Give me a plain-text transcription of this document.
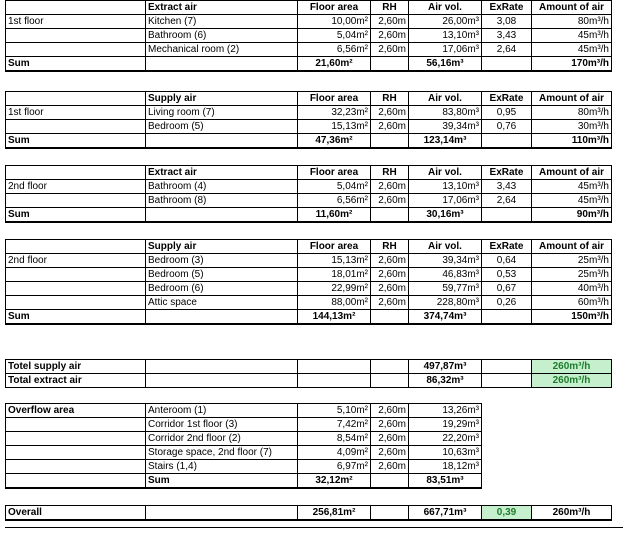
	Extract air	Floor area	RH	Air vol.	ExRate	Amount of air
1st floor	Kitchen (7)	10,00m²	2,60m	26,00m³	3,08	80m³/h
	Bathroom (6)	5,04m²	2,60m	13,10m³	3,43	45m³/h
	Mechanical room (2)	6,56m²	2,60m	17,06m³	2,64	45m³/h
Sum		21,60m²		56,16m³		170m³/h
	Supply air	Floor area	RH	Air vol.	ExRate	Amount of air
1st floor	Living room (7)	32,23m²	2,60m	83,80m³	0,95	80m³/h
	Bedroom (5)	15,13m²	2,60m	39,34m³	0,76	30m³/h
Sum		47,36m²		123,14m³		110m³/h
	Extract air	Floor area	RH	Air vol.	ExRate	Amount of air
2nd floor	Bathroom (4)	5,04m²	2,60m	13,10m³	3,43	45m³/h
	Bathroom (8)	6,56m²	2,60m	17,06m³	2,64	45m³/h
Sum		11,60m²		30,16m³		90m³/h
	Supply air	Floor area	RH	Air vol.	ExRate	Amount of air
2nd floor	Bedroom (3)	15,13m²	2,60m	39,34m³	0,64	25m³/h
	Bedroom (5)	18,01m²	2,60m	46,83m³	0,53	25m³/h
	Bedroom (6)	22,99m²	2,60m	59,77m³	0,67	40m³/h
	Attic space	88,00m²	2,60m	228,80m³	0,26	60m³/h
Sum		144,13m²		374,74m³		150m³/h
Totel supply air				497,87m³		260m³/h
Total extract air				86,32m³		260m³/h
Overflow area	Anteroom (1)	5,10m²	2,60m	13,26m³
	Corridor 1st floor (3)	7,42m²	2,60m	19,29m³
	Corridor 2nd floor (2)	8,54m²	2,60m	22,20m³
	Storage space, 2nd floor (7)	4,09m²	2,60m	10,63m³
	Stairs (1,4)	6,97m²	2,60m	18,12m³
	Sum	32,12m²		83,51m³
Overall		256,81m²		667,71m³	0,39	260m³/h
